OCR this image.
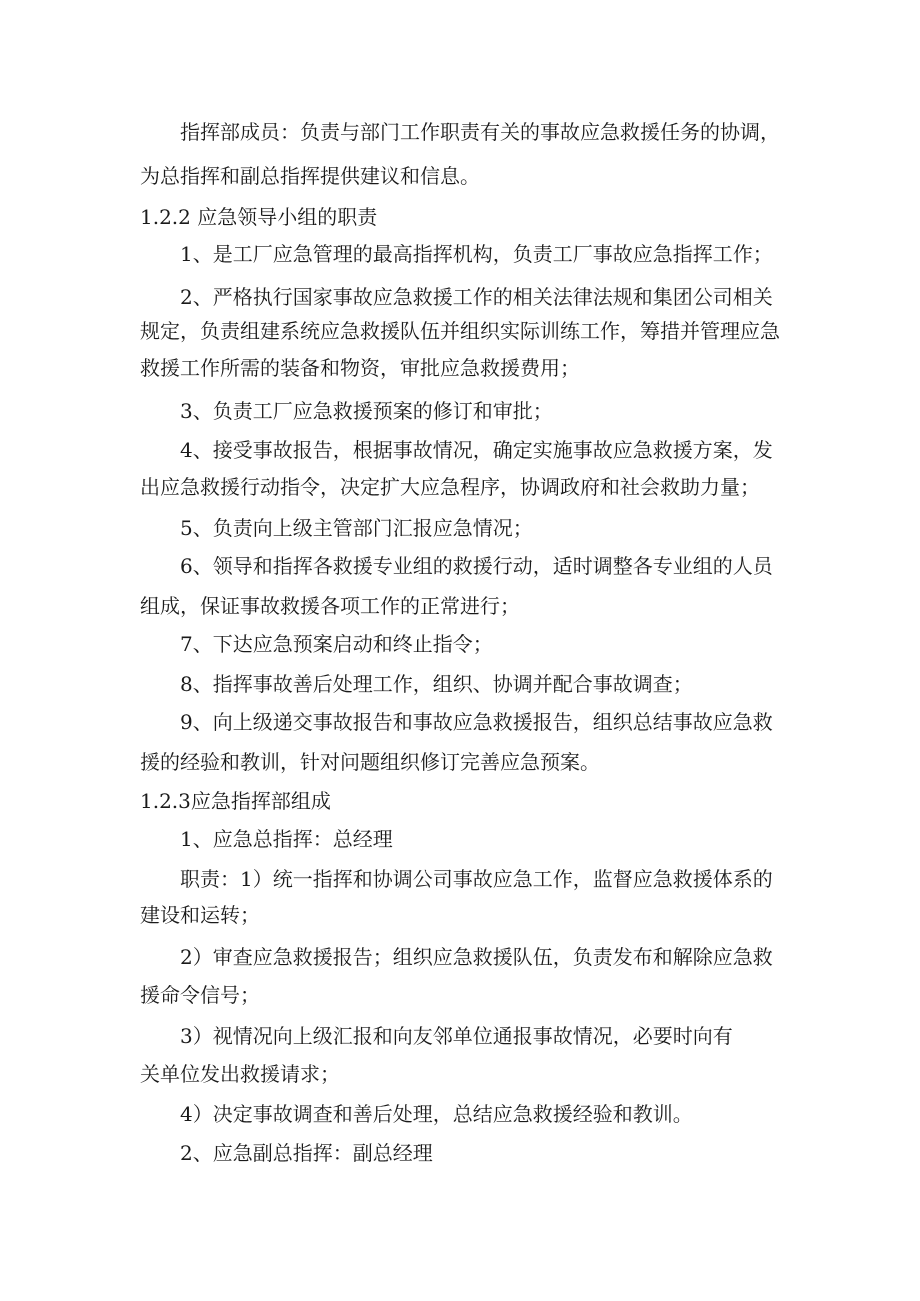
指挥部成员：负责与部门工作职责有关的事故应急救援任务的协调，
为总指挥和副总指挥提供建议和信息。
1.2.2 应急领导小组的职责
1、是工厂应急管理的最高指挥机构，负责工厂事故应急指挥工作；
2、严格执行国家事故应急救援工作的相关法律法规和集团公司相关
规定，负责组建系统应急救援队伍并组织实际训练工作，筹措并管理应急
救援工作所需的装备和物资，审批应急救援费用；
3、负责工厂应急救援预案的修订和审批；
4、接受事故报告，根据事故情况，确定实施事故应急救援方案，发
出应急救援行动指令，决定扩大应急程序，协调政府和社会救助力量；
5、负责向上级主管部门汇报应急情况；
6、领导和指挥各救援专业组的救援行动，适时调整各专业组的人员
组成，保证事故救援各项工作的正常进行；
7、下达应急预案启动和终止指令；
8、指挥事故善后处理工作，组织、协调并配合事故调查；
9、向上级递交事故报告和事故应急救援报告，组织总结事故应急救
援的经验和教训，针对问题组织修订完善应急预案。
1.2.3应急指挥部组成
1、应急总指挥：总经理
职责：1）统一指挥和协调公司事故应急工作，监督应急救援体系的
建设和运转；
2）审查应急救援报告；组织应急救援队伍，负责发布和解除应急救
援命令信号；
3）视情况向上级汇报和向友邻单位通报事故情况，必要时向有
关单位发出救援请求；
4）决定事故调查和善后处理，总结应急救援经验和教训。
2、应急副总指挥：副总经理
